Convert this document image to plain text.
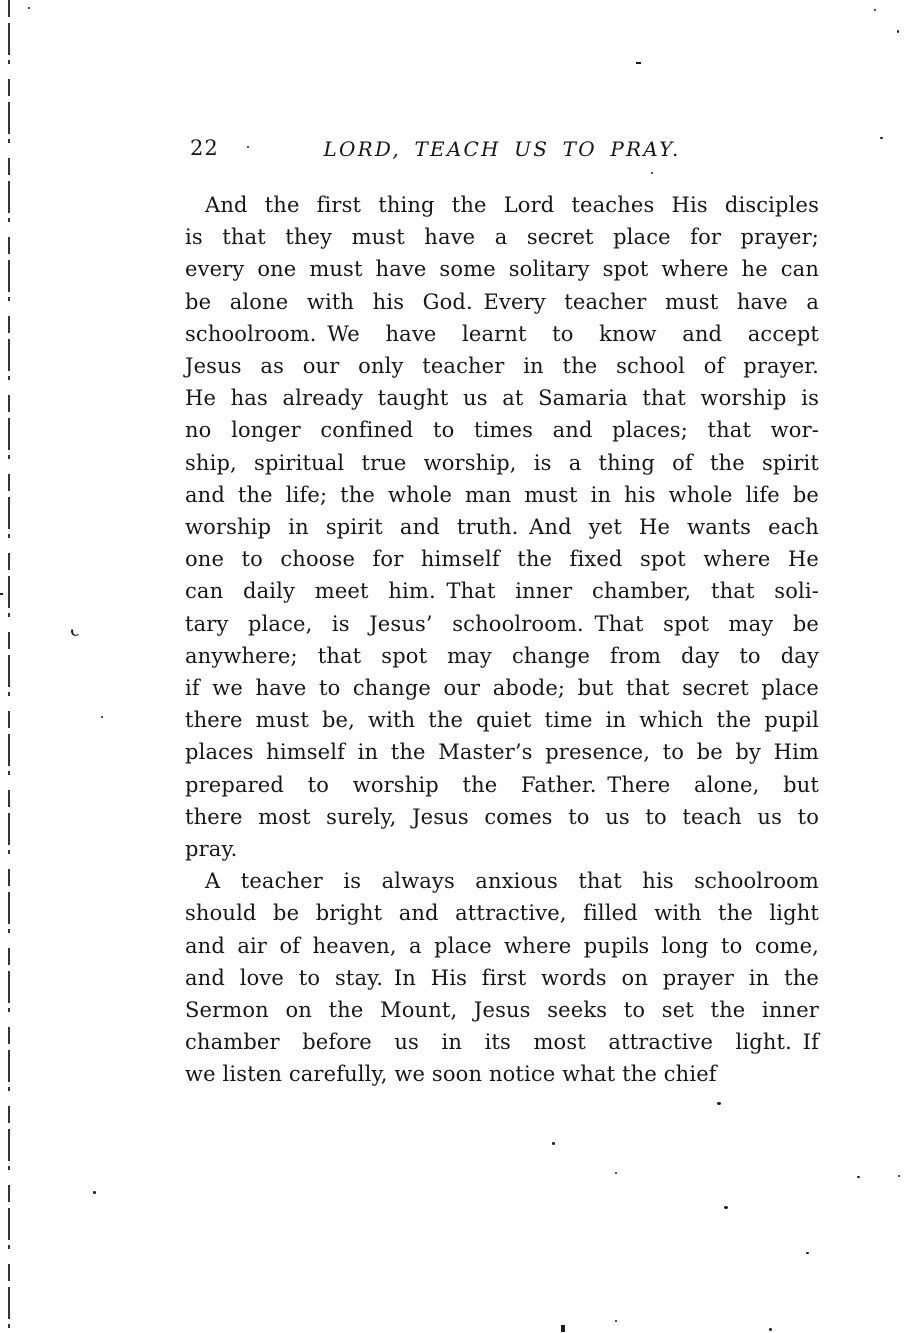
22	LORD, TEACH US TO PRAY.
And the first thing the Lord teaches His disciples
is that they must have a secret place for prayer;
every one must have some solitary spot where he can
be alone with his God. Every teacher must have a
schoolroom. We have learnt to know and accept
Jesus as our only teacher in the school of prayer.
He has already taught us at Samaria that worship is
no longer confined to times and places; that wor-
ship, spiritual true worship, is a thing of the spirit
and the life; the whole man must in his whole life be
worship in spirit and truth. And yet He wants each
one to choose for himself the fixed spot where He
can daily meet him. That inner chamber, that soli-
tary place, is Jesus’ schoolroom. That spot may be
anywhere; that spot may change from day to day
if we have to change our abode; but that secret place
there must be, with the quiet time in which the pupil
places himself in the Master’s presence, to be by Him
prepared to worship the Father. There alone, but
there most surely, Jesus comes to us to teach us to
pray.
A teacher is always anxious that his schoolroom
should be bright and attractive, filled with the light
and air of heaven, a place where pupils long to come,
and love to stay. In His first words on prayer in the
Sermon on the Mount, Jesus seeks to set the inner
chamber before us in its most attractive light. If
we listen carefully, we soon notice what the chief
